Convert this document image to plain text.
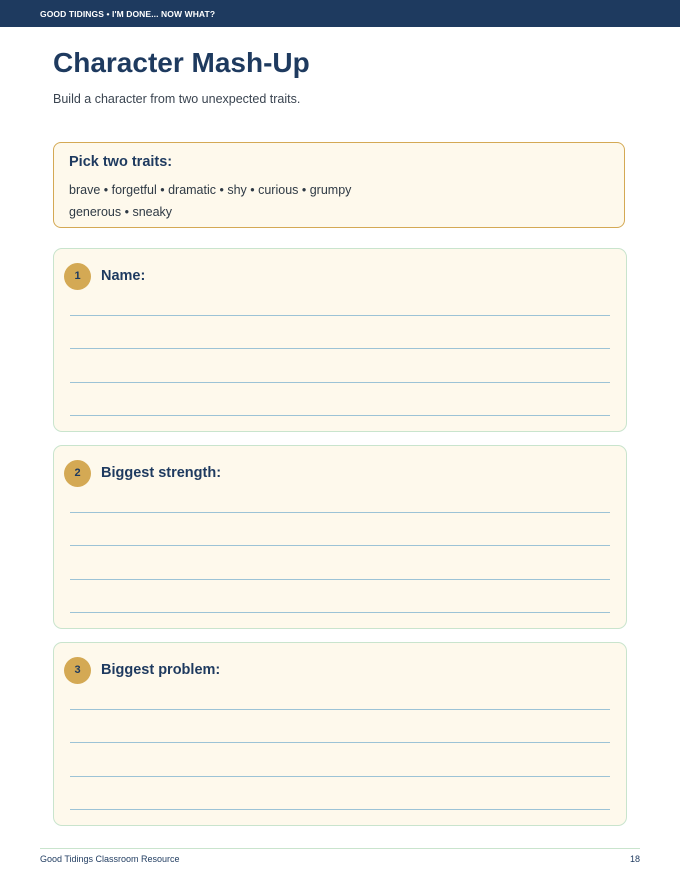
GOOD TIDINGS • I'M DONE... NOW WHAT?
Character Mash-Up

Build a character from two unexpected traits.

Pick two traits:
brave • forgetful • dramatic • shy • curious • grumpy
generous • sneaky
1	Name:
2	Biggest strength:
3	Biggest problem:
Good Tidings Classroom Resource	18
